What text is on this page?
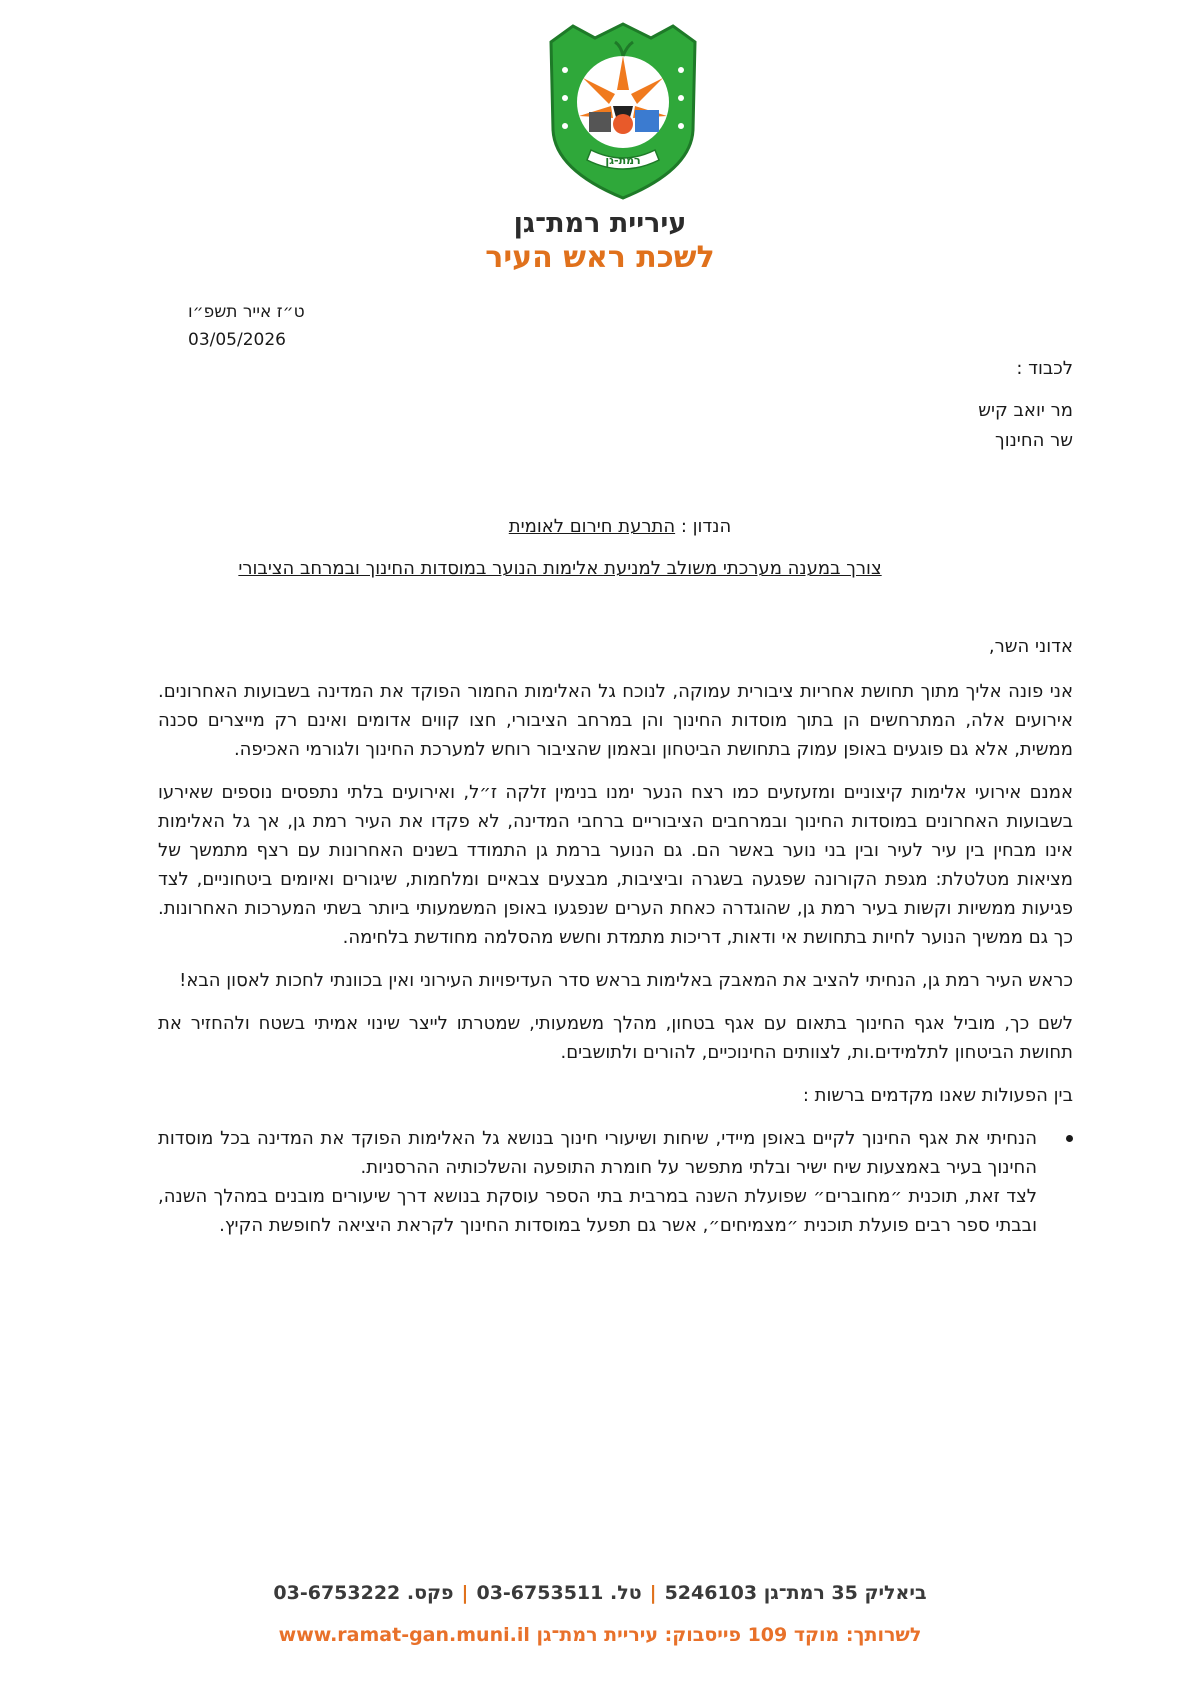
רמת-גן
עיריית רמת־גן
לשכת ראש העיר
ט״ז אייר תשפ״ו
03/05/2026
לכבוד :
מר יואב קיש
שר החינוך
הנדון : התרעת חירום לאומית
צורך במענה מערכתי משולב למניעת אלימות הנוער במוסדות החינוך ובמרחב הציבורי

אדוני השר,

אני פונה אליך מתוך תחושת אחריות ציבורית עמוקה, לנוכח גל האלימות החמור הפוקד את המדינה בשבועות האחרונים. אירועים אלה, המתרחשים הן בתוך מוסדות החינוך והן במרחב הציבורי, חצו קווים אדומים ואינם רק מייצרים סכנה ממשית, אלא גם פוגעים באופן עמוק בתחושת הביטחון ובאמון שהציבור רוחש למערכת החינוך ולגורמי האכיפה.

אמנם אירועי אלימות קיצוניים ומזעזעים כמו רצח הנער ימנו בנימין זלקה ז״ל, ואירועים בלתי נתפסים נוספים שאירעו בשבועות האחרונים במוסדות החינוך ובמרחבים הציבוריים ברחבי המדינה, לא פקדו את העיר רמת גן, אך גל האלימות אינו מבחין בין עיר לעיר ובין בני נוער באשר הם. גם הנוער ברמת גן התמודד בשנים האחרונות עם רצף מתמשך של מציאות מטלטלת: מגפת הקורונה שפגעה בשגרה וביציבות, מבצעים צבאיים ומלחמות, שיגורים ואיומים ביטחוניים, לצד פגיעות ממשיות וקשות בעיר רמת גן, שהוגדרה כאחת הערים שנפגעו באופן המשמעותי ביותר בשתי המערכות האחרונות. כך גם ממשיך הנוער לחיות בתחושת אי ודאות, דריכות מתמדת וחשש מהסלמה מחודשת בלחימה.

כראש העיר רמת גן, הנחיתי להציב את המאבק באלימות בראש סדר העדיפויות העירוני ואין בכוונתי לחכות לאסון הבא!

לשם כך, מוביל אגף החינוך בתאום עם אגף בטחון, מהלך משמעותי, שמטרתו לייצר שינוי אמיתי בשטח ולהחזיר את תחושת הביטחון לתלמידים.ות, לצוותים החינוכיים, להורים ולתושבים.

בין הפעולות שאנו מקדמים ברשות :

הנחיתי את אגף החינוך לקיים באופן מיידי, שיחות ושיעורי חינוך בנושא גל האלימות הפוקד את המדינה בכל מוסדות החינוך בעיר באמצעות שיח ישיר ובלתי מתפשר על חומרת התופעה והשלכותיה ההרסניות.
לצד זאת, תוכנית ״מחוברים״ שפועלת השנה במרבית בתי הספר עוסקת בנושא דרך שיעורים מובנים במהלך השנה, ובבתי ספר רבים פועלת תוכנית ״מצמיחים״, אשר גם תפעל במוסדות החינוך לקראת היציאה לחופשת הקיץ.
ביאליק 35 רמת־גן 5246103|טל. 03-6753511|פקס. 03-6753222
לשרותך: מוקד 109 פייסבוק: עיריית רמת־גן www.ramat-gan.muni.il
